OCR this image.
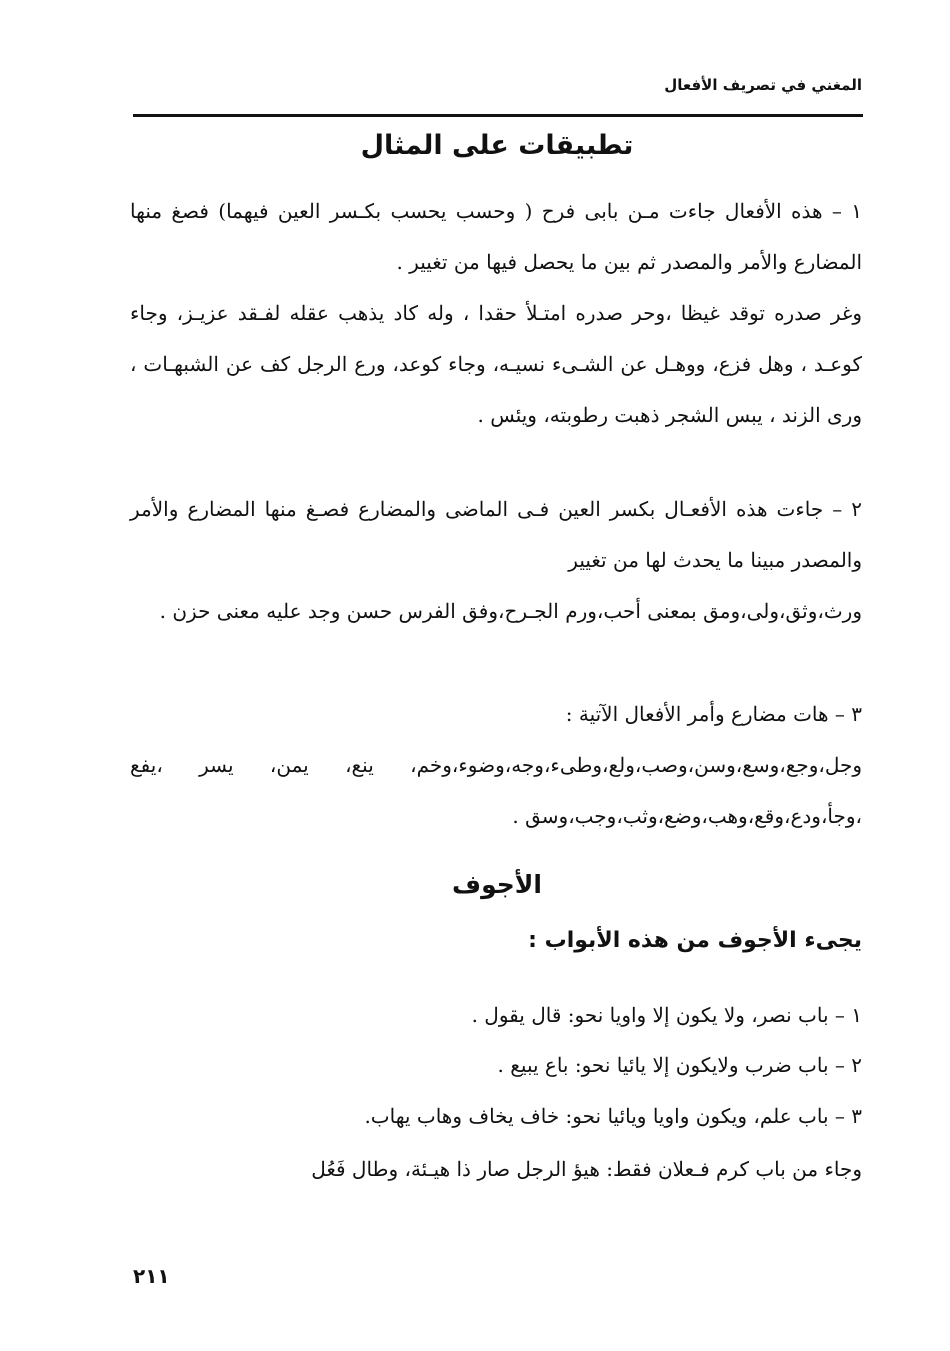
المغني في تصريف الأفعال
تطبيقات على المثال

١ – هذه الأفعال جاءت مـن بابى فرح ( وحسب يحسب بكـسر العين فيهما) فصغ منها المضارع والأمر والمصدر ثم بين ما يحصل فيها من تغيير .

وغر صدره توقد غيظا ،وحر صدره امتـلأ حقدا ، وله كاد يذهب عقله لفـقد عزيـز، وجاء كوعـد ، وهل فزع، ووهـل عن الشـىء نسيـه، وجاء كوعد، ورع الرجل كف عن الشبهـات ، ورى الزند ، يبس الشجر ذهبت رطوبته، ويئس .

٢ – جاءت هذه الأفعـال بكسر العين فـى الماضى والمضارع فصـغ منها المضارع والأمر والمصدر مبينا ما يحدث لها من تغيير

ورث،وثق،ولى،ومق بمعنى أحب،ورم الجـرح،وفق الفرس حسن وجد عليه معنى حزن .

٣ – هات مضارع وأمر الأفعال الآتية :

وجل،وجع،وسع،وسن،وصب،ولع،وطىء،وجه،وضوء،وخم، ينع، يمن، يسر ،يفع ،وجأ،ودع،وقع،وهب،وضع،وثب،وجب،وسق .

الأجوف
يجىء الأجوف من هذه الأبواب :

١ – باب نصر، ولا يكون إلا واويا نحو: قال يقول .

٢ – باب ضرب ولايكون إلا يائيا نحو: باع يبيع .

٣ – باب علم، ويكون واويا ويائيا نحو: خاف يخاف وهاب يهاب.

وجاء من باب كرم فـعلان فقط: هيؤ الرجل صار ذا هيـئة، وطال فَعُل

٢١١
